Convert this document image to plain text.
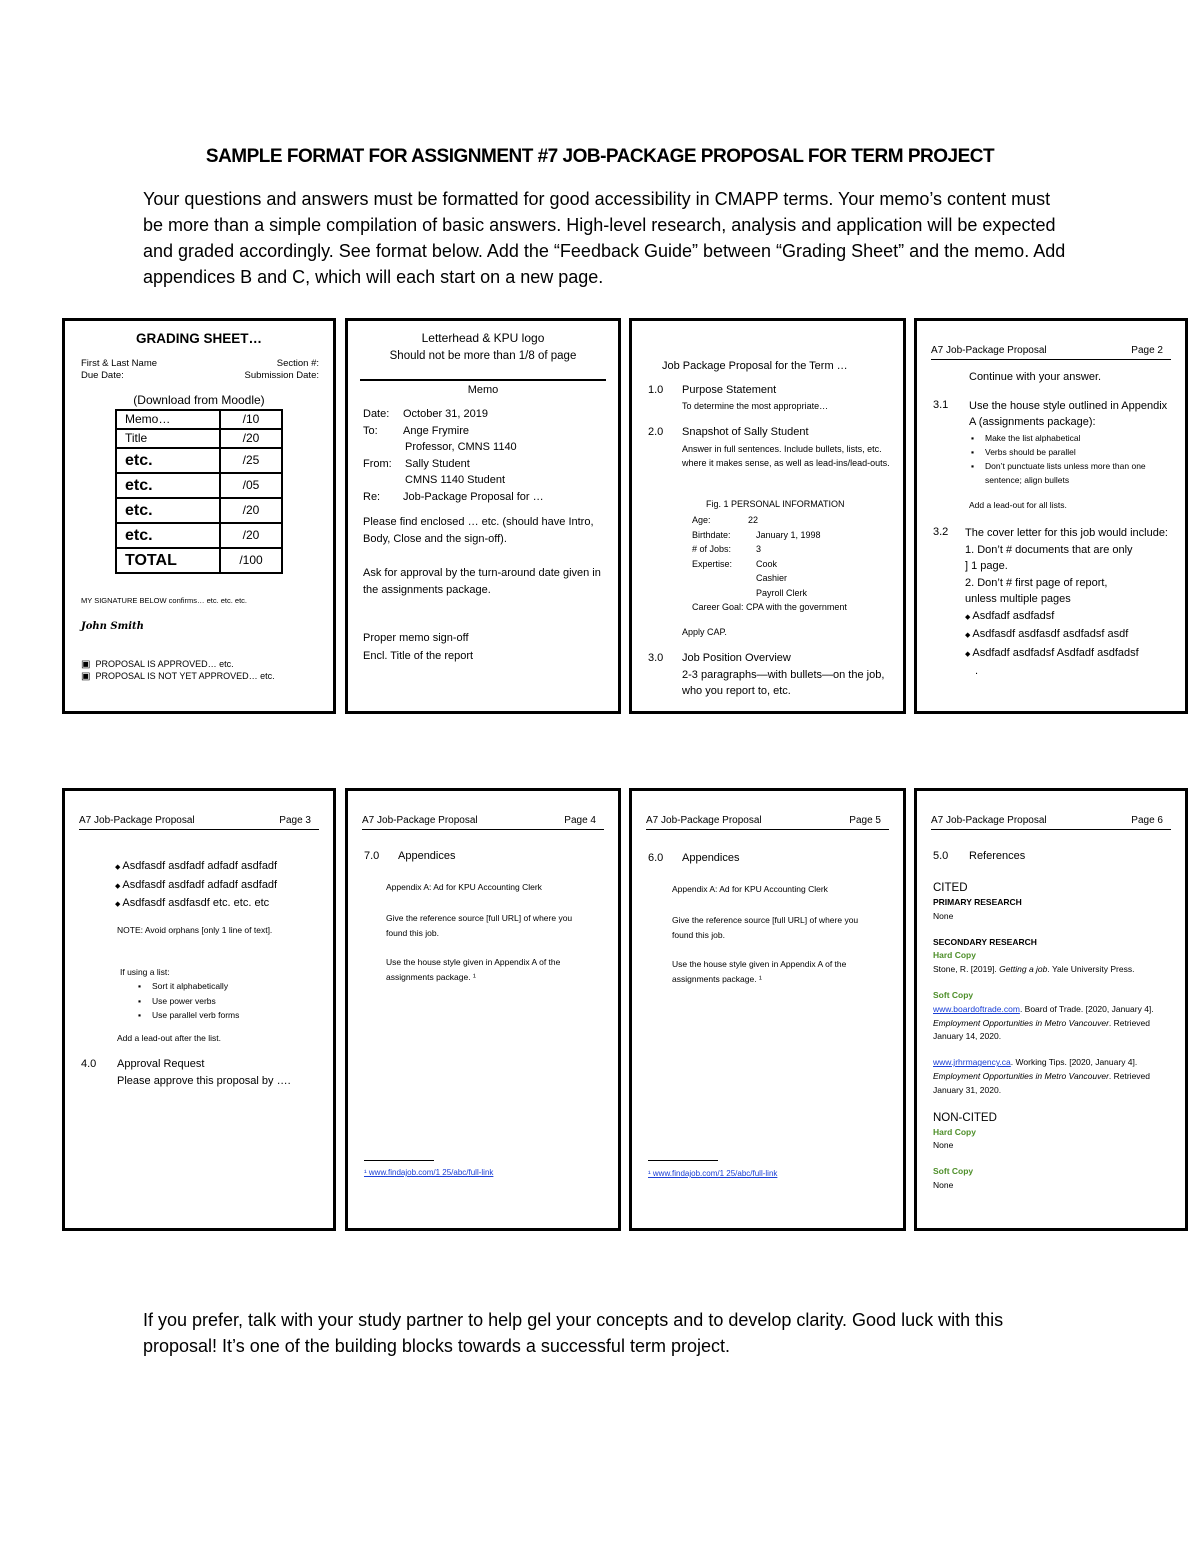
SAMPLE FORMAT FOR ASSIGNMENT #7 JOB-PACKAGE PROPOSAL FOR TERM PROJECT
Your questions and answers must be formatted for good accessibility in CMAPP terms. Your memo’s content must be more than a simple compilation of basic answers. High-level research, analysis and application will be expected and graded accordingly. See format below. Add the “Feedback Guide” between “Grading Sheet” and the memo. Add appendices B and C, which will each start on a new page.
GRADING SHEET…
First & Last Name	Section #:
Due Date:	Submission Date:
(Download from Moodle)
Memo…	/10
Title	/20
etc.	/25
etc.	/05
etc.	/20
etc.	/20
TOTAL	/100
MY SIGNATURE BELOW confirms… etc. etc. etc.
John Smith
▣ PROPOSAL IS APPROVED… etc.
▣ PROPOSAL IS NOT YET APPROVED… etc.
Letterhead & KPU logo
Should not be more than 1/8 of page
Memo
Date: October 31, 2019
To: Ange Frymire
Professor, CMNS 1140
From: Sally Student
CMNS 1140 Student
Re: Job-Package Proposal for …
Please find enclosed … etc. (should have Intro, Body, Close and the sign-off).
Ask for approval by the turn-around date given in the assignments package.
Proper memo sign-off
Encl. Title of the report
Job Package Proposal for the Term …
1.0 Purpose Statement
To determine the most appropriate…
2.0 Snapshot of Sally Student
Answer in full sentences. Include bullets, lists, etc. where it makes sense, as well as lead-ins/lead-outs.
Fig. 1 PERSONAL INFORMATION
Age:	22
Birthdate:	January 1, 1998
# of Jobs:	3
Expertise:	Cook
Cashier
Payroll Clerk
Career Goal: CPA with the government
Apply CAP.
3.0 Job Position Overview
2-3 paragraphs—with bullets—on the job, who you report to, etc.
A7 Job-Package Proposal	Page 2
Continue with your answer.
3.1 Use the house style outlined in Appendix A (assignments package):
▪ Make the list alphabetical
▪ Verbs should be parallel
▪ Don’t punctuate lists unless more than one sentence; align bullets
Add a lead-out for all lists.
3.2 The cover letter for this job would include:
1. Don’t # documents that are only
] 1 page.
2. Don’t # first page of report,
unless multiple pages
◆ Asdfadf asdfadsf
◆ Asdfasdf asdfasdf asdfadsf asdf
◆ Asdfadf asdfadsf Asdfadf asdfadsf
.
A7 Job-Package Proposal	Page 3
◆ Asdfasdf asdfadf adfadf asdfadf
◆ Asdfasdf asdfadf adfadf asdfadf
◆ Asdfasdf asdfasdf etc. etc. etc
NOTE: Avoid orphans [only 1 line of text].
If using a list:
▪ Sort it alphabetically
▪ Use power verbs
▪ Use parallel verb forms
Add a lead-out after the list.
4.0 Approval Request
Please approve this proposal by ….
A7 Job-Package Proposal	Page 4
7.0 Appendices
Appendix A: Ad for KPU Accounting Clerk
Give the reference source [full URL] of where you found this job.
Use the house style given in Appendix A of the assignments package. ¹
¹ www.findajob.com/1 25/abc/full-link
A7 Job-Package Proposal	Page 5
6.0 Appendices
Appendix A: Ad for KPU Accounting Clerk
Give the reference source [full URL] of where you found this job.
Use the house style given in Appendix A of the assignments package. ¹
¹ www.findajob.com/1 25/abc/full-link
A7 Job-Package Proposal	Page 6
5.0 References
CITED
PRIMARY RESEARCH
None
SECONDARY RESEARCH
Hard Copy
Stone, R. [2019]. Getting a job. Yale University Press.
Soft Copy
www.boardoftrade.com. Board of Trade. [2020, January 4]. Employment Opportunities in Metro Vancouver. Retrieved January 14, 2020.
www.jrhrmagency.ca. Working Tips. [2020, January 4]. Employment Opportunities in Metro Vancouver. Retrieved January 31, 2020.
NON-CITED
Hard Copy
None
Soft Copy
None
If you prefer, talk with your study partner to help gel your concepts and to develop clarity. Good luck with this proposal! It’s one of the building blocks towards a successful term project.
